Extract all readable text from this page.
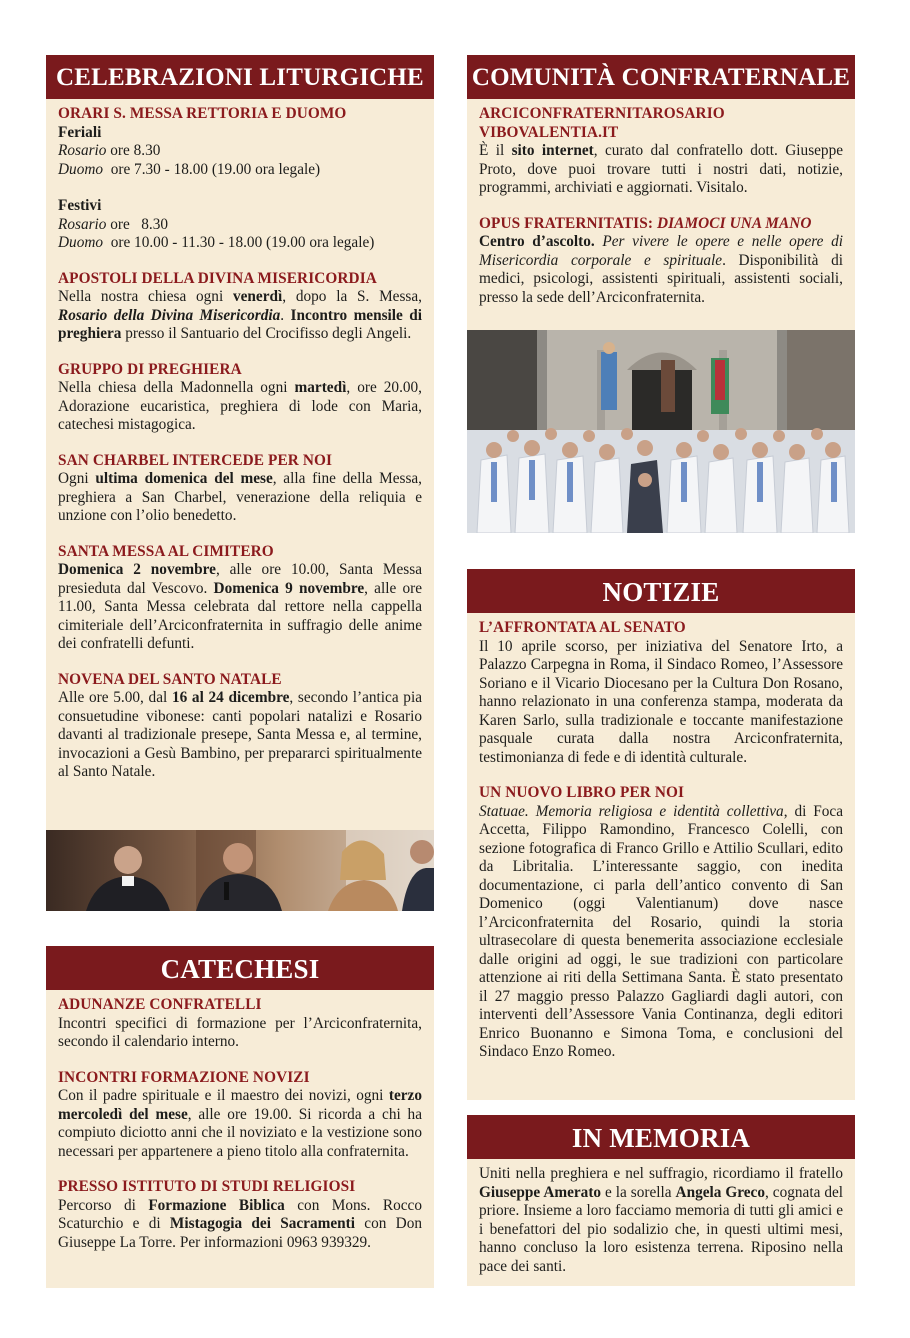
CELEBRAZIONI LITURGICHE
ORARI S. MESSA RETTORIA E DUOMO
Feriali
Rosario ore 8.30
Duomo ore 7.30 - 18.00 (19.00 ora legale)
Festivi
Rosario ore   8.30
Duomo ore 10.00 - 11.30 - 18.00 (19.00 ora legale)
APOSTOLI DELLA DIVINA MISERICORDIA
Nella nostra chiesa ogni venerdì, dopo la S. Messa, Rosario della Divina Misericordia. Incontro mensile di preghiera presso il Santuario del Crocifisso degli Angeli.
GRUPPO DI PREGHIERA
Nella chiesa della Madonnella ogni martedì, ore 20.00, Adorazione eucaristica, preghiera di lode con Maria, catechesi mistagogica.
SAN CHARBEL INTERCEDE PER NOI
Ogni ultima domenica del mese, alla fine della Messa, preghiera a San Charbel, venerazione della reliquia e unzione con l’olio benedetto.
SANTA MESSA AL CIMITERO
Domenica 2 novembre, alle ore 10.00, Santa Messa presieduta dal Vescovo. Domenica 9 novembre, alle ore 11.00, Santa Messa celebrata dal rettore nella cappella cimiteriale dell’Arciconfraternita in suffragio delle anime dei confratelli defunti.
NOVENA DEL SANTO NATALE
Alle ore 5.00, dal 16 al 24 dicembre, secondo l’antica pia consuetudine vibonese: canti popolari natalizi e Rosario davanti al tradizionale presepe, Santa Messa e, al termine, invocazioni a Gesù Bambino, per prepararci spiritualmente al Santo Natale.
CATECHESI
ADUNANZE CONFRATELLI
Incontri specifici di formazione per l’Arciconfraternita, secondo il calendario interno.
INCONTRI FORMAZIONE NOVIZI
Con il padre spirituale e il maestro dei novizi, ogni terzo mercoledì del mese, alle ore 19.00. Si ricorda a chi ha compiuto diciotto anni che il noviziato e la vestizione sono necessari per appartenere a pieno titolo alla confraternita.
PRESSO ISTITUTO DI STUDI RELIGIOSI
Percorso di Formazione Biblica con Mons. Rocco Scaturchio e di Mistagogia dei Sacramenti con Don Giuseppe La Torre. Per informazioni 0963 939329.
COMUNITÀ CONFRATERNALE
ARCICONFRATERNITAROSARIO
VIBOVALENTIA.IT
È il sito internet, curato dal confratello dott. Giuseppe Proto, dove puoi trovare tutti i nostri dati, notizie, programmi, archiviati e aggiornati. Visitalo.
OPUS FRATERNITATIS: DIAMOCI UNA MANO
Centro d’ascolto. Per vivere le opere e nelle opere di Misericordia corporale e spirituale. Disponibilità di medici, psicologi, assistenti spirituali, assistenti sociali, presso la sede dell’Arciconfraternita.
NOTIZIE
L’AFFRONTATA AL SENATO
Il 10 aprile scorso, per iniziativa del Senatore Irto, a Palazzo Carpegna in Roma, il Sindaco Romeo, l’Assessore Soriano e il Vicario Diocesano per la Cultura Don Rosano, hanno relazionato in una conferenza stampa, moderata da Karen Sarlo, sulla tradizionale e toccante manifestazione pasquale curata dalla nostra Arciconfraternita, testimonianza di fede e di identità culturale.
UN NUOVO LIBRO PER NOI
Statuae. Memoria religiosa e identità collettiva, di Foca Accetta, Filippo Ramondino, Francesco Colelli, con sezione fotografica di Franco Grillo e Attilio Scullari, edito da Libritalia. L’interessante saggio, con inedita documentazione, ci parla dell’antico convento di San Domenico (oggi Valentianum) dove nasce l’Arciconfraternita del Rosario, quindi la storia ultrasecolare di questa benemerita associazione ecclesiale dalle origini ad oggi, le sue tradizioni con particolare attenzione ai riti della Settimana Santa. È stato presentato il 27 maggio presso Palazzo Gagliardi dagli autori, con interventi dell’Assessore Vania Continanza, degli editori Enrico Buonanno e Simona Toma, e conclusioni del Sindaco Enzo Romeo.
IN MEMORIA
Uniti nella preghiera e nel suffragio, ricordiamo il fratello Giuseppe Amerato e la sorella Angela Greco, cognata del priore. Insieme a loro facciamo memoria di tutti gli amici e i benefattori del pio sodalizio che, in questi ultimi mesi, hanno concluso la loro esistenza terrena. Riposino nella pace dei santi.
